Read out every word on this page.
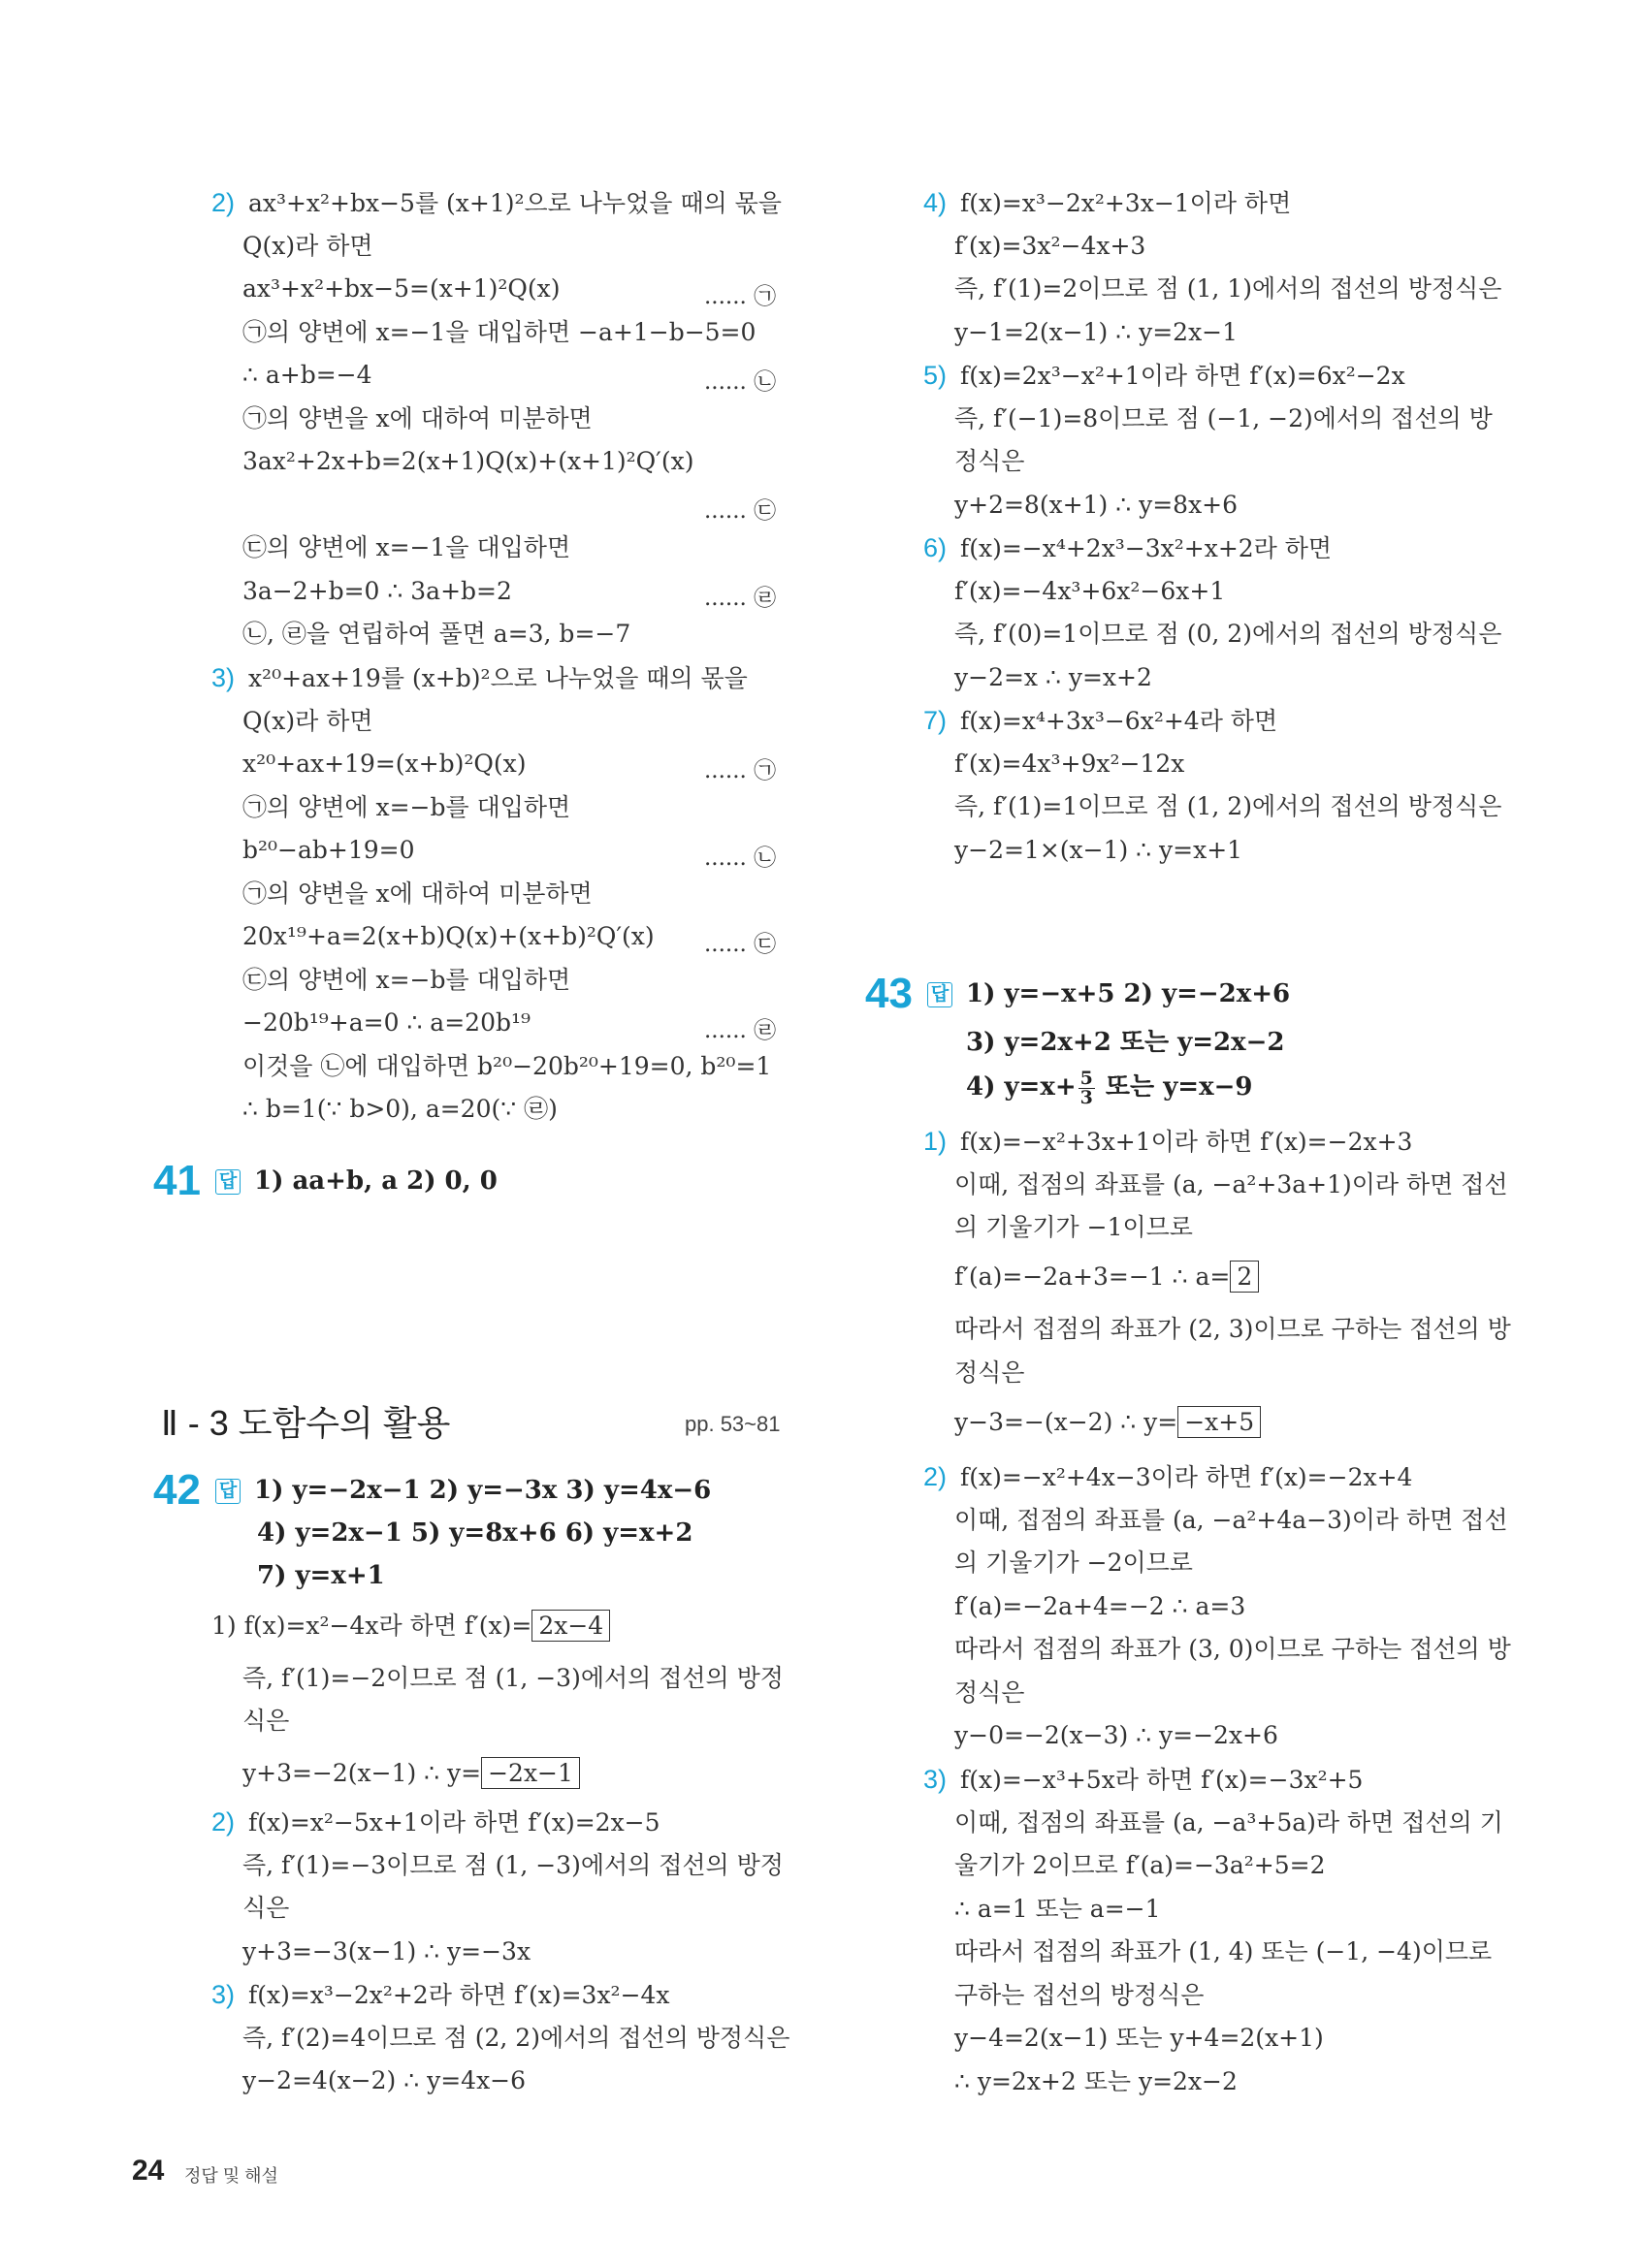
2) ax³+x²+bx−5를 (x+1)²으로 나누었을 때의 몫을
Q(x)라 하면
ax³+x²+bx−5=(x+1)²Q(x)
㉠의 양변에 x=−1을 대입하면 −a+1−b−5=0
∴ a+b=−4
㉠의 양변을 x에 대하여 미분하면
3ax²+2x+b=2(x+1)Q(x)+(x+1)²Q′(x)
㉢의 양변에 x=−1을 대입하면
3a−2+b=0 ∴ 3a+b=2
㉡, ㉣을 연립하여 풀면 a=3, b=−7
3) x²⁰+ax+19를 (x+b)²으로 나누었을 때의 몫을
Q(x)라 하면
x²⁰+ax+19=(x+b)²Q(x)
㉠의 양변에 x=−b를 대입하면
b²⁰−ab+19=0
㉠의 양변을 x에 대하여 미분하면
20x¹⁹+a=2(x+b)Q(x)+(x+b)²Q′(x)
㉢의 양변에 x=−b를 대입하면
−20b¹⁹+a=0 ∴ a=20b¹⁹
이것을 ㉡에 대입하면 b²⁰−20b²⁰+19=0, b²⁰=1
∴ b=1(∵ b>0), a=20(∵ ㉣)
...... ㉠
...... ㉡
...... ㉢
...... ㉣
...... ㉠
...... ㉡
...... ㉢
...... ㉣
41 답 1) aa+b, a 2) 0, 0
Ⅱ - 3 도함수의 활용	pp. 53~81
42 답 1) y=−2x−1 2) y=−3x 3) y=4x−6
4) y=2x−1 5) y=8x+6 6) y=x+2
7) y=x+1
1) f(x)=x²−4x라 하면 f′(x)= 2x−4
즉, f′(1)=−2이므로 점 (1, −3)에서의 접선의 방정
식은
y+3=−2(x−1) ∴ y= −2x−1
2) f(x)=x²−5x+1이라 하면 f′(x)=2x−5
즉, f′(1)=−3이므로 점 (1, −3)에서의 접선의 방정
식은
y+3=−3(x−1) ∴ y=−3x
3) f(x)=x³−2x²+2라 하면 f′(x)=3x²−4x
즉, f′(2)=4이므로 점 (2, 2)에서의 접선의 방정식은
y−2=4(x−2) ∴ y=4x−6
4) f(x)=x³−2x²+3x−1이라 하면
f′(x)=3x²−4x+3
즉, f′(1)=2이므로 점 (1, 1)에서의 접선의 방정식은
y−1=2(x−1) ∴ y=2x−1
5) f(x)=2x³−x²+1이라 하면 f′(x)=6x²−2x
즉, f′(−1)=8이므로 점 (−1, −2)에서의 접선의 방
정식은
y+2=8(x+1) ∴ y=8x+6
6) f(x)=−x⁴+2x³−3x²+x+2라 하면
f′(x)=−4x³+6x²−6x+1
즉, f′(0)=1이므로 점 (0, 2)에서의 접선의 방정식은
y−2=x ∴ y=x+2
7) f(x)=x⁴+3x³−6x²+4라 하면
f′(x)=4x³+9x²−12x
즉, f′(1)=1이므로 점 (1, 2)에서의 접선의 방정식은
y−2=1×(x−1) ∴ y=x+1
43 답 1) y=−x+5 2) y=−2x+6
3) y=2x+2 또는 y=2x−2
4) $y=x+ \frac{5}{3}$ 또는 y=x−9
1) f(x)=−x²+3x+1이라 하면 f′(x)=−2x+3
이때, 접점의 좌표를 (a, −a²+3a+1)이라 하면 접선
의 기울기가 −1이므로
f′(a)=−2a+3=−1 ∴ a= 2
따라서 접점의 좌표가 (2, 3)이므로 구하는 접선의 방
정식은
y−3=−(x−2) ∴ y= −x+5
2) f(x)=−x²+4x−3이라 하면 f′(x)=−2x+4
이때, 접점의 좌표를 (a, −a²+4a−3)이라 하면 접선
의 기울기가 −2이므로
f′(a)=−2a+4=−2 ∴ a=3
따라서 접점의 좌표가 (3, 0)이므로 구하는 접선의 방
정식은
y−0=−2(x−3) ∴ y=−2x+6
3) f(x)=−x³+5x라 하면 f′(x)=−3x²+5
이때, 접점의 좌표를 (a, −a³+5a)라 하면 접선의 기
울기가 2이므로 f′(a)=−3a²+5=2
∴ a=1 또는 a=−1
따라서 접점의 좌표가 (1, 4) 또는 (−1, −4)이므로
구하는 접선의 방정식은
y−4=2(x−1) 또는 y+4=2(x+1)
∴ y=2x+2 또는 y=2x−2
24 정답 및 해설
